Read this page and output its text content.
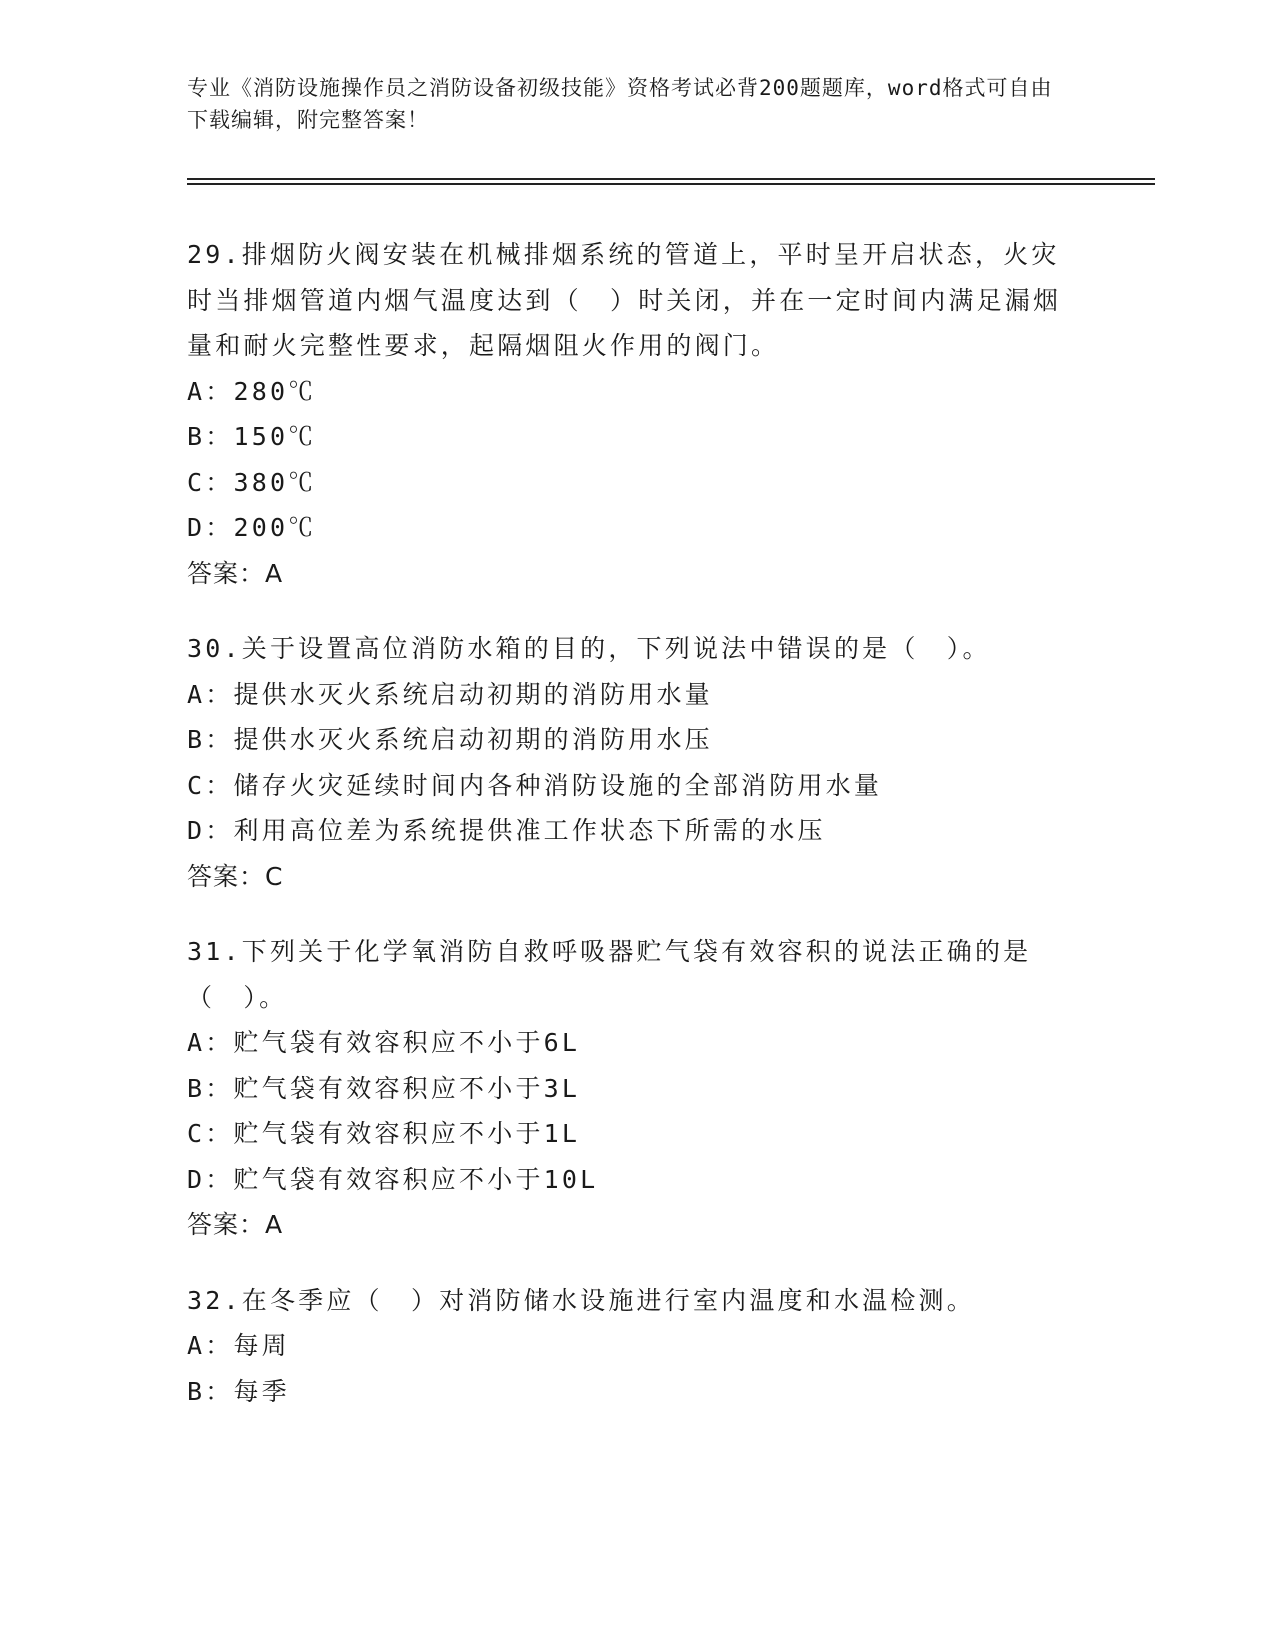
专业《消防设施操作员之消防设备初级技能》资格考试必背200题题库，word格式可自由下载编辑，附完整答案！

29.排烟防火阀安装在机械排烟系统的管道上，平时呈开启状态，火灾时当排烟管道内烟气温度达到（　）时关闭，并在一定时间内满足漏烟量和耐火完整性要求，起隔烟阻火作用的阀门。

A：280℃

B：150℃

C：380℃

D：200℃

答案：A

30.关于设置高位消防水箱的目的，下列说法中错误的是（　）。

A：提供水灭火系统启动初期的消防用水量

B：提供水灭火系统启动初期的消防用水压

C：储存火灾延续时间内各种消防设施的全部消防用水量

D：利用高位差为系统提供准工作状态下所需的水压

答案：C

31.下列关于化学氧消防自救呼吸器贮气袋有效容积的说法正确的是（　）。

A：贮气袋有效容积应不小于6L

B：贮气袋有效容积应不小于3L

C：贮气袋有效容积应不小于1L

D：贮气袋有效容积应不小于10L

答案：A

32.在冬季应（　）对消防储水设施进行室内温度和水温检测。

A：每周

B：每季
